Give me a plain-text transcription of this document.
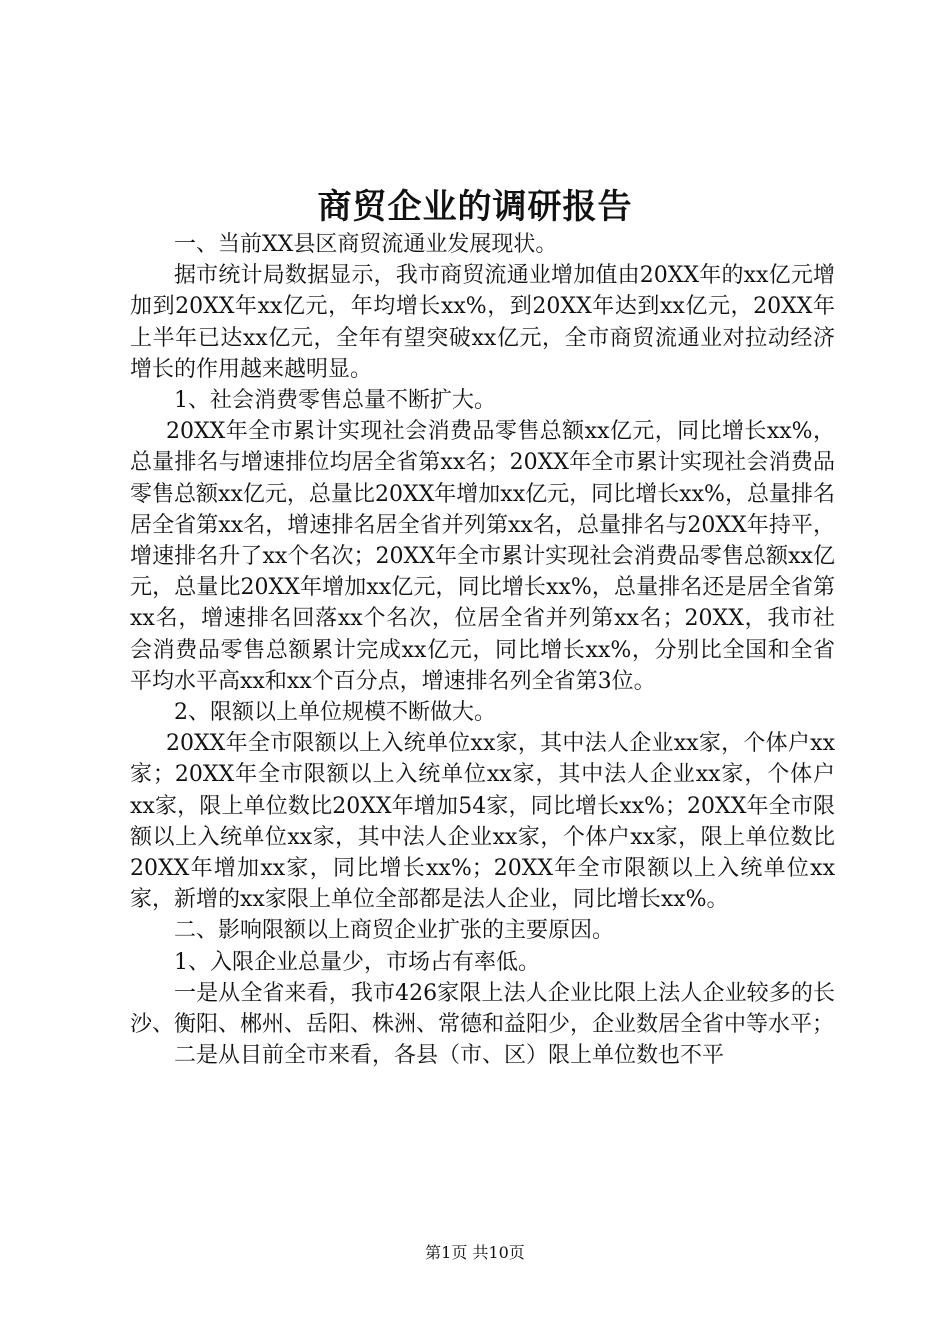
商贸企业的调研报告

一、当前XX县区商贸流通业发展现状。

据市统计局数据显示，我市商贸流通业增加值由20XX年的xx亿元增加到20XX年xx亿元，年均增长xx%，到20XX年达到xx亿元，20XX年上半年已达xx亿元，全年有望突破xx亿元，全市商贸流通业对拉动经济增长的作用越来越明显。

1、社会消费零售总量不断扩大。

20XX年全市累计实现社会消费品零售总额xx亿元，同比增长xx%，总量排名与增速排位均居全省第xx名；20XX年全市累计实现社会消费品零售总额xx亿元，总量比20XX年增加xx亿元，同比增长xx%，总量排名居全省第xx名，增速排名居全省并列第xx名，总量排名与20XX年持平，增速排名升了xx个名次；20XX年全市累计实现社会消费品零售总额xx亿元，总量比20XX年增加xx亿元，同比增长xx%，总量排名还是居全省第xx名，增速排名回落xx个名次，位居全省并列第xx名；20XX，我市社会消费品零售总额累计完成xx亿元，同比增长xx%，分别比全国和全省平均水平高xx和xx个百分点，增速排名列全省第3位。

2、限额以上单位规模不断做大。

20XX年全市限额以上入统单位xx家，其中法人企业xx家，个体户xx家；20XX年全市限额以上入统单位xx家，其中法人企业xx家，个体户xx家，限上单位数比20XX年增加54家，同比增长xx%；20XX年全市限额以上入统单位xx家，其中法人企业xx家，个体户xx家，限上单位数比20XX年增加xx家，同比增长xx%；20XX年全市限额以上入统单位xx家，新增的xx家限上单位全部都是法人企业，同比增长xx%。

二、影响限额以上商贸企业扩张的主要原因。

1、入限企业总量少，市场占有率低。

一是从全省来看，我市426家限上法人企业比限上法人企业较多的长沙、衡阳、郴州、岳阳、株洲、常德和益阳少，企业数居全省中等水平；

二是从目前全市来看，各县（市、区）限上单位数也不平

第1页 共10页
